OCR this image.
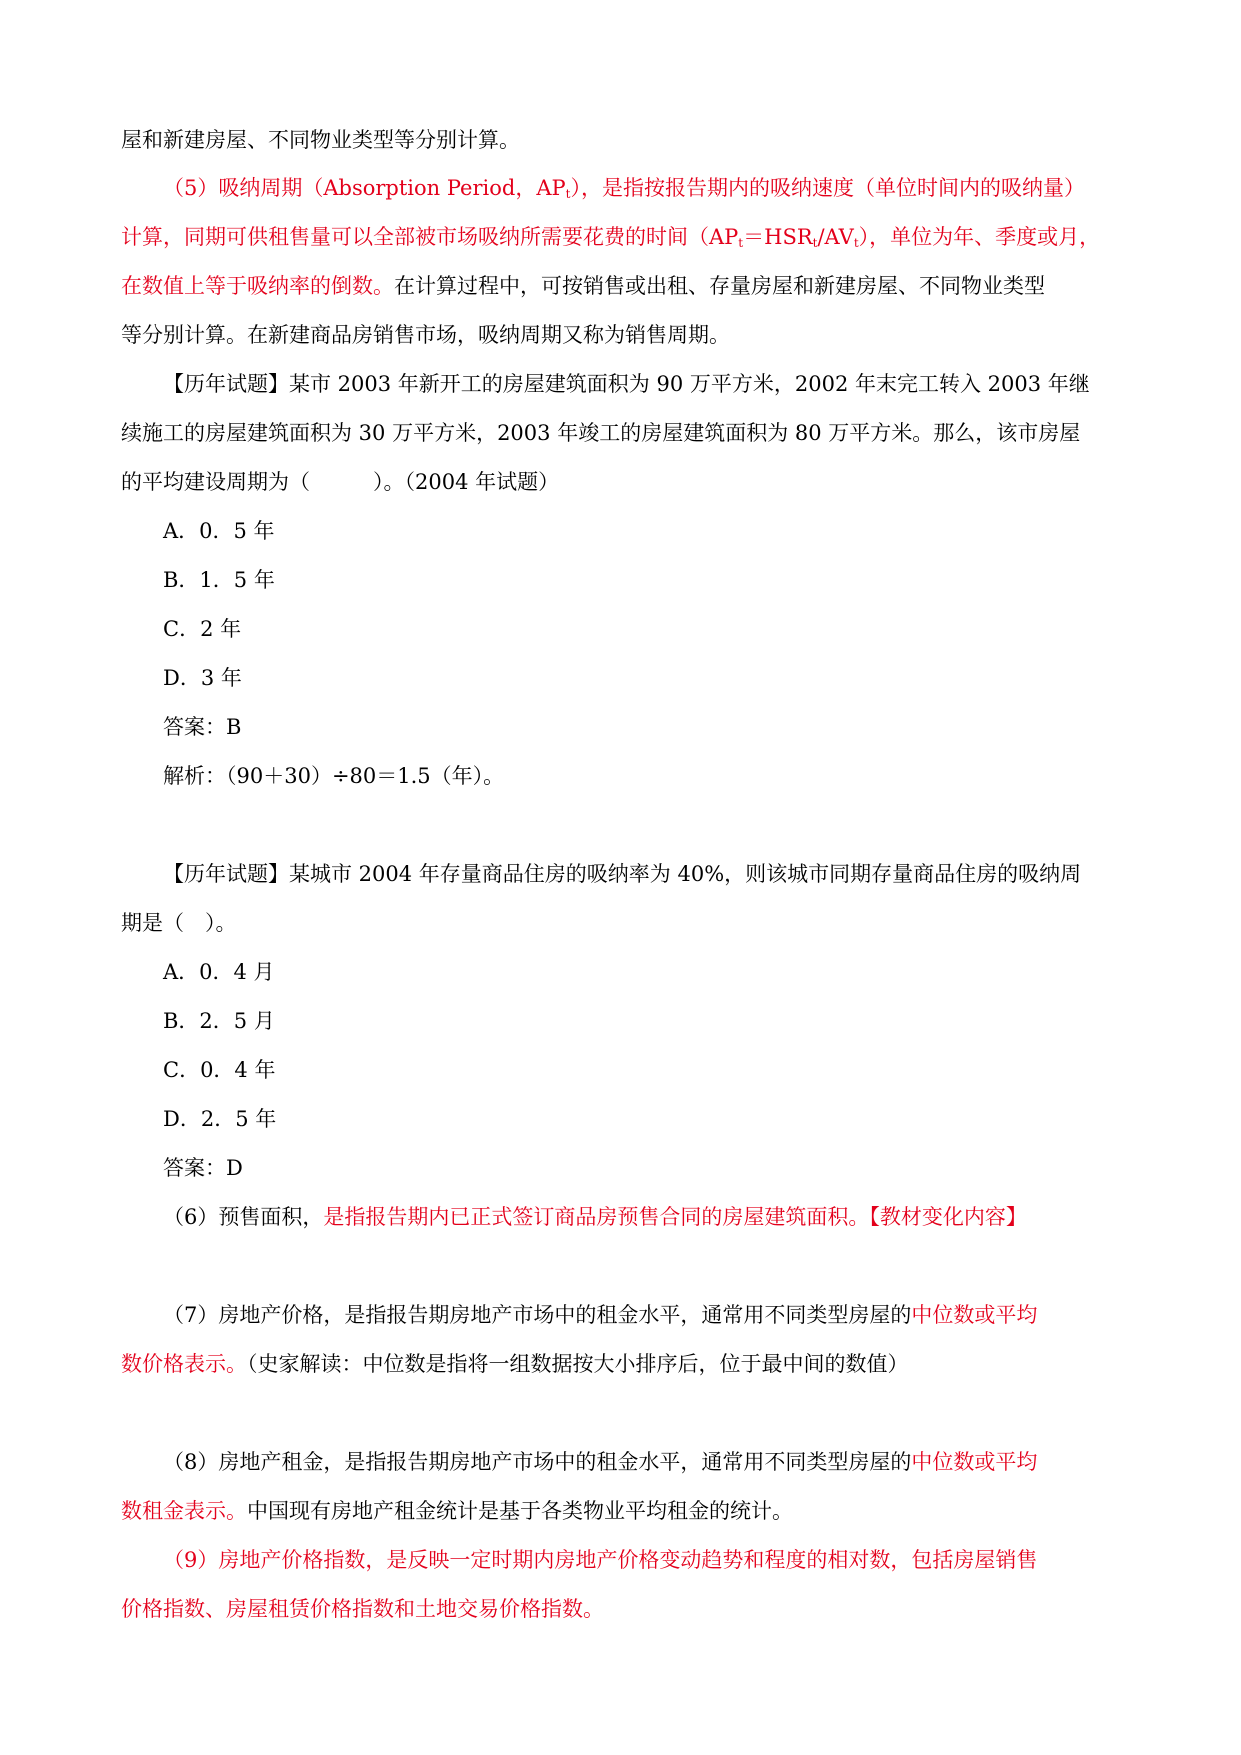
屋和新建房屋、不同物业类型等分别计算。
（5）吸纳周期（Absorption Period，$AP_t$），是指按报告期内的吸纳速度（单位时间内的吸纳量）
计算，同期可供租售量可以全部被市场吸纳所需要花费的时间$(AP_t=HSR_t/AV_t)$，单位为年、季度或月，
在数值上等于吸纳率的倒数。在计算过程中，可按销售或出租、存量房屋和新建房屋、不同物业类型
等分别计算。在新建商品房销售市场，吸纳周期又称为销售周期。
【历年试题】某市 2003 年新开工的房屋建筑面积为 90 万平方米，2002 年末完工转入 2003 年继
续施工的房屋建筑面积为 30 万平方米，2003 年竣工的房屋建筑面积为 80 万平方米。那么，该市房屋
的平均建设周期为（　　　）。（2004 年试题）
A．0．5 年
B．1．5 年
C．2 年
D．3 年
答案：B
解析：（90＋30）÷80＝1.5（年）。
【历年试题】某城市 2004 年存量商品住房的吸纳率为 40%，则该城市同期存量商品住房的吸纳周
期是（　）。
A．0．4 月
B．2．5 月
C．0．4 年
D．2．5 年
答案：D
（6）预售面积，是指报告期内已正式签订商品房预售合同的房屋建筑面积。【教材变化内容】
（7）房地产价格，是指报告期房地产市场中的租金水平，通常用不同类型房屋的中位数或平均
数价格表示。（史家解读：中位数是指将一组数据按大小排序后，位于最中间的数值）
（8）房地产租金，是指报告期房地产市场中的租金水平，通常用不同类型房屋的中位数或平均
数租金表示。中国现有房地产租金统计是基于各类物业平均租金的统计。
（9）房地产价格指数，是反映一定时期内房地产价格变动趋势和程度的相对数，包括房屋销售
价格指数、房屋租赁价格指数和土地交易价格指数。
